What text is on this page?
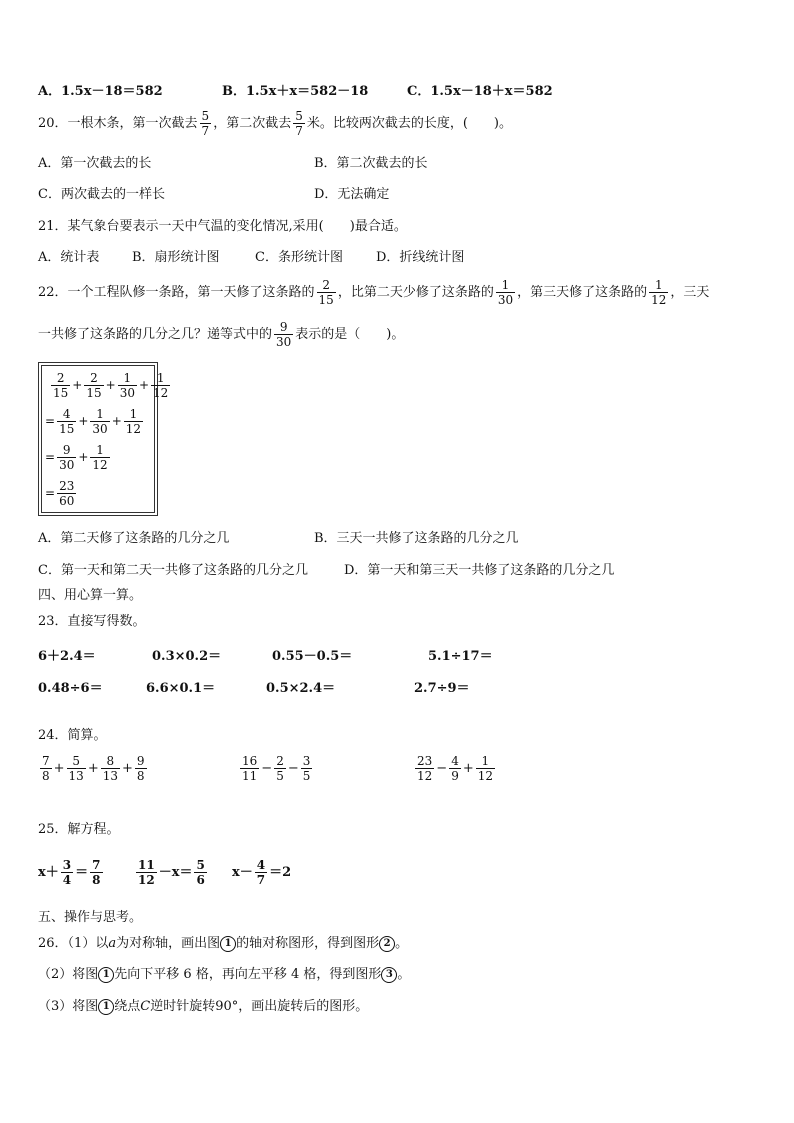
A．1.5x－18＝582	B．1.5x＋x＝582－18	C．1.5x－18＋x＝582
20．一根木条，第一次截去 $\frac{5}{7}$ ，第二次截去 $\frac{5}{7}$ 米。比较两次截去的长度，(　　)。
A．第一次截去的长	B．第二次截去的长
C．两次截去的一样长	D．无法确定
21．某气象台要表示一天中气温的变化情况,采用(　　)最合适。
A．统计表	B．扇形统计图	C．条形统计图	D．折线统计图
22．一个工程队修一条路，第一天修了这条路的 $\frac{2}{15}$ ，比第二天少修了这条路的 $\frac{1}{30}$ ，第三天修了这条路的 $\frac{1}{12}$ ，三天
一共修了这条路的几分之几？递等式中的 $\frac{9}{30}$ 表示的是（　　)。
$\frac{2}{15} + \frac{2}{15} + \frac{1}{30} + \frac{1}{12}$
= $\frac{4}{15} + \frac{1}{30} + \frac{1}{12}$
= $\frac{9}{30} + \frac{1}{12}$
= $\frac{23}{60}$
A．第二天修了这条路的几分之几	B．三天一共修了这条路的几分之几
C．第一天和第二天一共修了这条路的几分之几	D．第一天和第三天一共修了这条路的几分之几
四、用心算一算。
23．直接写得数。
6＋2.4＝	0.3×0.2＝	0.55－0.5＝	5.1÷17＝
0.48÷6＝	6.6×0.1＝	0.5×2.4＝	2.7÷9＝
24．简算。
$\frac{7}{8} + \frac{5}{13} + \frac{8}{13} + \frac{9}{8}$	$\frac{16}{11} - \frac{2}{5} - \frac{3}{5}$	$\frac{23}{12} - \frac{4}{9} + \frac{1}{12}$
25．解方程。
$x+ \frac{3}{4} = \frac{7}{8}$	$\frac{11}{12} -x= \frac{5}{6} x- \frac{4}{7} =2$
五、操作与思考。
26．（1）以a为对称轴，画出图 1 的轴对称图形，得到图形 2 。
（2）将图 1 先向下平移 6 格，再向左平移 4 格，得到图形 3 。
（3）将图 1 绕点C逆时针旋转90°，画出旋转后的图形。
